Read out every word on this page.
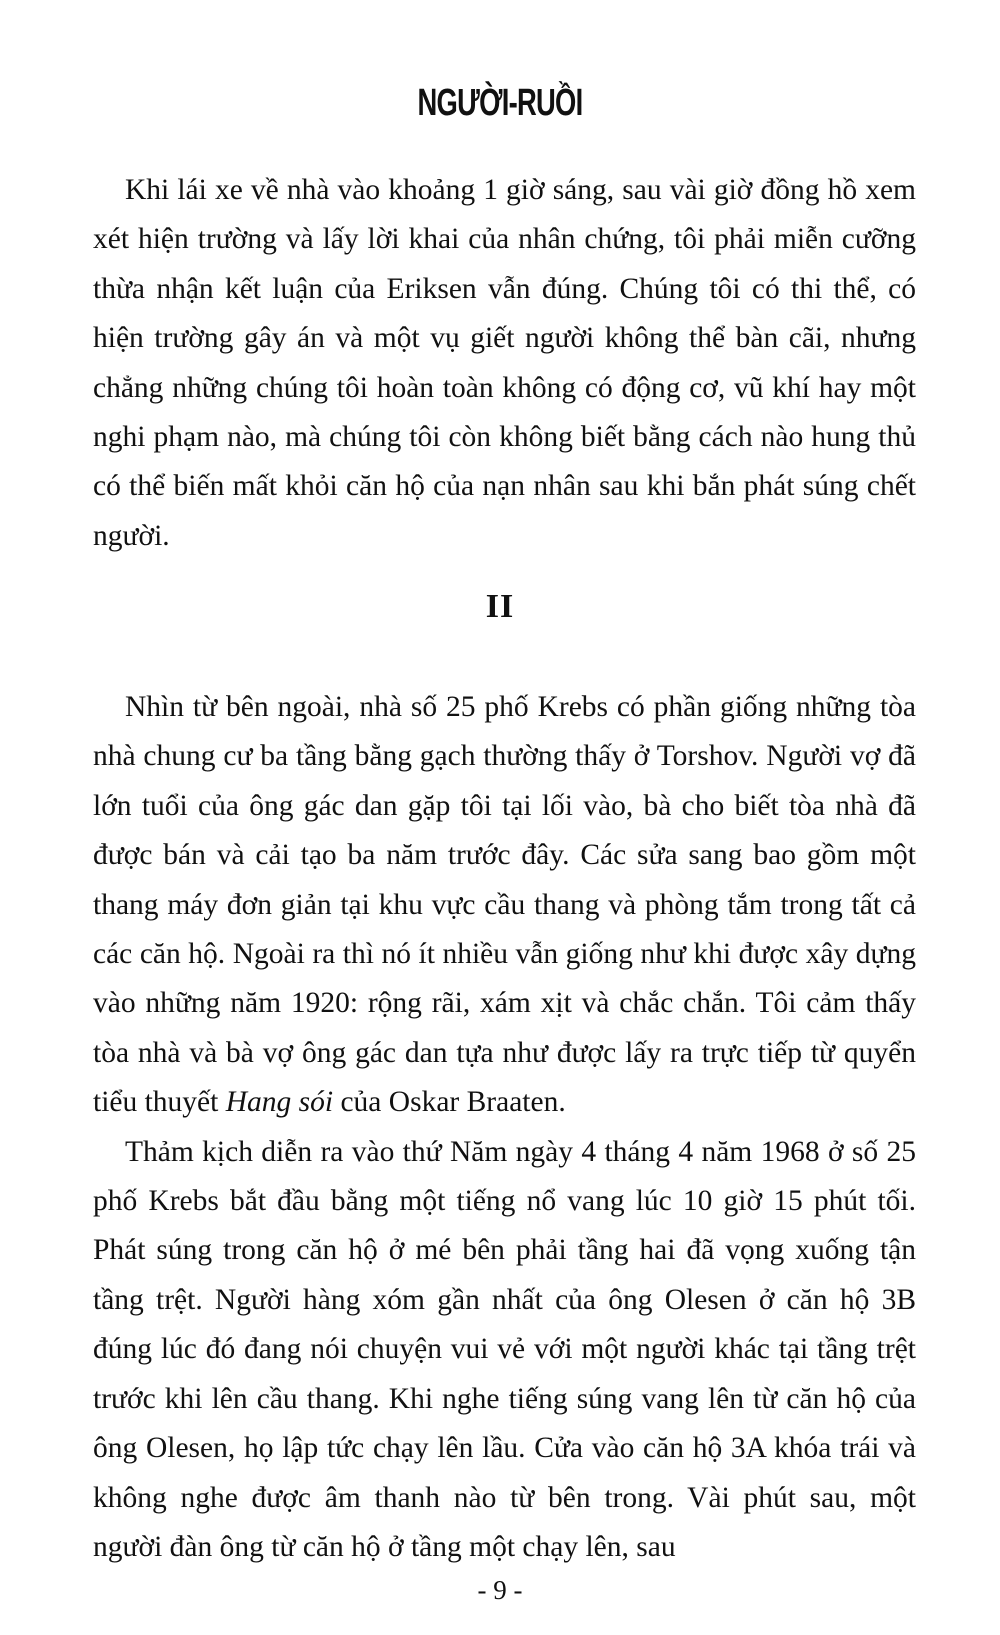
NGƯỜI-RUỒI

Khi lái xe về nhà vào khoảng 1 giờ sáng, sau vài giờ đồng hồ xem xét hiện trường và lấy lời khai của nhân chứng, tôi phải miễn cưỡng thừa nhận kết luận của Eriksen vẫn đúng. Chúng tôi có thi thể, có hiện trường gây án và một vụ giết người không thể bàn cãi, nhưng chẳng những chúng tôi hoàn toàn không có động cơ, vũ khí hay một nghi phạm nào, mà chúng tôi còn không biết bằng cách nào hung thủ có thể biến mất khỏi căn hộ của nạn nhân sau khi bắn phát súng chết người.

II

Nhìn từ bên ngoài, nhà số 25 phố Krebs có phần giống những tòa nhà chung cư ba tầng bằng gạch thường thấy ở Torshov. Người vợ đã lớn tuổi của ông gác dan gặp tôi tại lối vào, bà cho biết tòa nhà đã được bán và cải tạo ba năm trước đây. Các sửa sang bao gồm một thang máy đơn giản tại khu vực cầu thang và phòng tắm trong tất cả các căn hộ. Ngoài ra thì nó ít nhiều vẫn giống như khi được xây dựng vào những năm 1920: rộng rãi, xám xịt và chắc chắn. Tôi cảm thấy tòa nhà và bà vợ ông gác dan tựa như được lấy ra trực tiếp từ quyển tiểu thuyết Hang sói của Oskar Braaten.

Thảm kịch diễn ra vào thứ Năm ngày 4 tháng 4 năm 1968 ở số 25 phố Krebs bắt đầu bằng một tiếng nổ vang lúc 10 giờ 15 phút tối. Phát súng trong căn hộ ở mé bên phải tầng hai đã vọng xuống tận tầng trệt. Người hàng xóm gần nhất của ông Olesen ở căn hộ 3B đúng lúc đó đang nói chuyện vui vẻ với một người khác tại tầng trệt trước khi lên cầu thang. Khi nghe tiếng súng vang lên từ căn hộ của ông Olesen, họ lập tức chạy lên lầu. Cửa vào căn hộ 3A khóa trái và không nghe được âm thanh nào từ bên trong. Vài phút sau, một người đàn ông từ căn hộ ở tầng một chạy lên, sau

- 9 -
